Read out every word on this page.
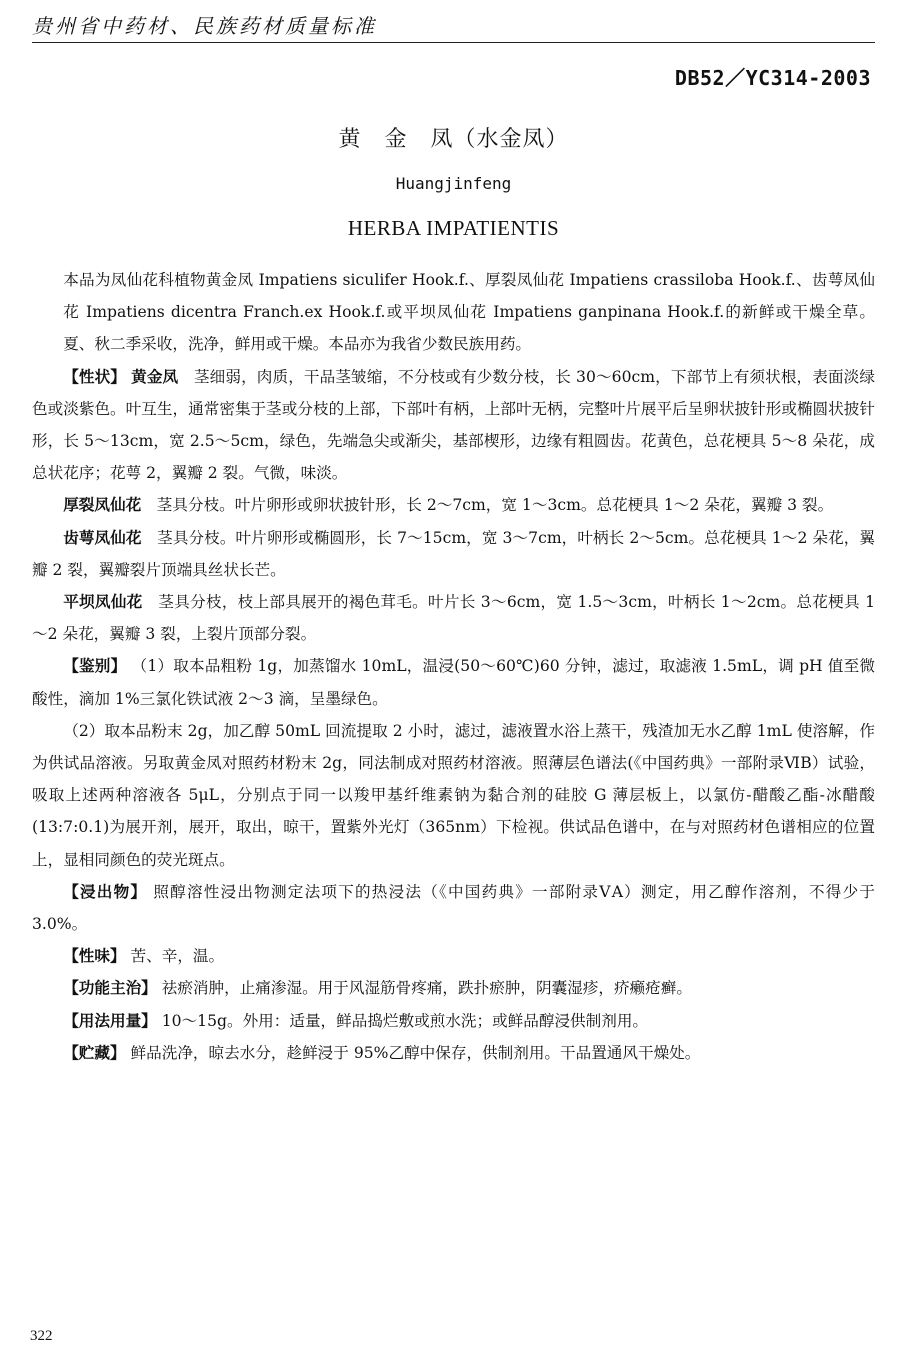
贵州省中药材、民族药材质量标准
DB52／YC314-2003
黄　金　凤（水金凤）
Huangjinfeng
HERBA IMPATIENTIS

本品为凤仙花科植物黄金凤 Impatiens siculifer Hook.f.、厚裂凤仙花 Impatiens crassiloba Hook.f.、齿萼凤仙花 Impatiens dicentra Franch.ex Hook.f.或平坝凤仙花 Impatiens ganpinana Hook.f.的新鲜或干燥全草。夏、秋二季采收，洗净，鲜用或干燥。本品亦为我省少数民族用药。

【性状】 黄金凤　 茎细弱，肉质，干品茎皱缩，不分枝或有少数分枝，长 30～60cm，下部节上有须状根，表面淡绿色或淡紫色。叶互生，通常密集于茎或分枝的上部，下部叶有柄，上部叶无柄，完整叶片展平后呈卵状披针形或椭圆状披针形，长 5～13cm，宽 2.5～5cm，绿色，先端急尖或渐尖，基部楔形，边缘有粗圆齿。花黄色，总花梗具 5～8 朵花，成总状花序；花萼 2，翼瓣 2 裂。气微，味淡。

厚裂凤仙花　 茎具分枝。叶片卵形或卵状披针形，长 2～7cm，宽 1～3cm。总花梗具 1～2 朵花，翼瓣 3 裂。

齿萼凤仙花　 茎具分枝。叶片卵形或椭圆形，长 7～15cm，宽 3～7cm，叶柄长 2～5cm。总花梗具 1～2 朵花，翼瓣 2 裂，翼瓣裂片顶端具丝状长芒。

平坝凤仙花　 茎具分枝，枝上部具展开的褐色茸毛。叶片长 3～6cm，宽 1.5～3cm，叶柄长 1～2cm。总花梗具 1～2 朵花，翼瓣 3 裂，上裂片顶部分裂。

【鉴别】 （1）取本品粗粉 1g，加蒸馏水 10mL，温浸(50～60℃)60 分钟，滤过，取滤液 1.5mL，调 pH 值至微酸性，滴加 1%三氯化铁试液 2～3 滴，呈墨绿色。

（2）取本品粉末 2g，加乙醇 50mL 回流提取 2 小时，滤过，滤液置水浴上蒸干，残渣加无水乙醇 1mL 使溶解，作为供试品溶液。另取黄金凤对照药材粉末 2g，同法制成对照药材溶液。照薄层色谱法(《中国药典》一部附录ⅥB）试验，吸取上述两种溶液各 5μL，分别点于同一以羧甲基纤维素钠为黏合剂的硅胶 G 薄层板上，以氯仿-醋酸乙酯-冰醋酸(13:7:0.1)为展开剂，展开，取出，晾干，置紫外光灯（365nm）下检视。供试品色谱中，在与对照药材色谱相应的位置上，显相同颜色的荧光斑点。

【浸出物】 照醇溶性浸出物测定法项下的热浸法（《中国药典》一部附录ⅤA）测定，用乙醇作溶剂，不得少于 3.0%。

【性味】 苦、辛，温。

【功能主治】 祛瘀消肿，止痛渗湿。用于风湿筋骨疼痛，跌扑瘀肿，阴囊湿疹，疥癞疮癣。

【用法用量】 10～15g。外用：适量，鲜品捣烂敷或煎水洗；或鲜品醇浸供制剂用。

【贮藏】 鲜品洗净，晾去水分，趁鲜浸于 95%乙醇中保存，供制剂用。干品置通风干燥处。

322
